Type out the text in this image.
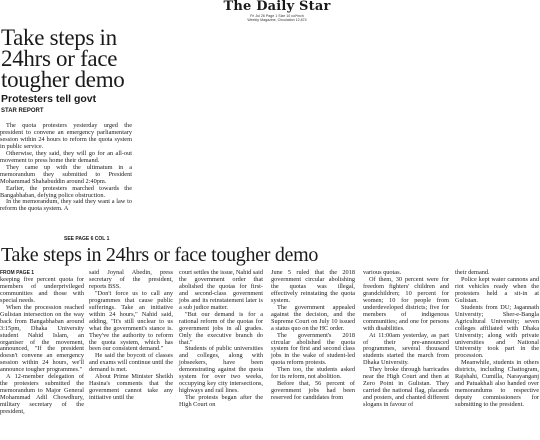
The Daily Star
Fri Jul 26 Page 1 Size 10 col*inch
Weekly Magazine, Circulation 12,874
Take steps in 24hrs or face tougher demo
Protesters tell govt
STAR REPORT

The quota protesters yesterday urged the president to convene an emergency parliamentary session within 24 hours to reform the quota system in public service.

Otherwise, they said, they will go for an all-out movement to press home their demand.

They came up with the ultimatum in a memorandum they submitted to President Mohammad Shahabuddin around 2:40pm.

Earlier, the protesters marched towards the Bangabhaban, defying police obstruction.

In the memorandum, they said they want a law to reform the quota system. A

SEE PAGE 6 COL 1
Take steps in 24hrs or face tougher demo

FROM PAGE 1

keeping five percent quota for members of underprivileged communities and those with special needs.

When the procession reached Gulistan intersection on the way back from Bangabhaban around 3:15pm, Dhaka University student Nahid Islam, an organiser of the movement, announced, "If the president doesn't convene an emergency session within 24 hours, we'll announce tougher programmes."

A 12-member delegation of the protesters submitted the memorandum to Major General Mohammad Adil Chowdhury, military secretary of the president,

said Joynal Abedin, press secretary of the president, reports BSS.

"Don't force us to call any programmes that cause public sufferings. Take an initiative within 24 hours," Nahid said, adding, "It's still unclear to us what the government's stance is. They've the authority to reform the quota system, which has been our consistent demand."

He said the boycott of classes and exams will continue until the demand is met.

About Prime Minister Sheikh Hasina's comments that the government cannot take any initiative until the

court settles the issue, Nahid said the government order that abolished the quotas for first- and second-class government jobs and its reinstatement later is a sub judice matter.

"But our demand is for a rational reform of the quotas for government jobs in all grades. Only the executive branch do that."

Students of public universities and colleges, along with jobseekers, have been demonstrating against the quota system for over two weeks, occupying key city intersections, highways and rail lines.

The protests began after the High Court on

June 5 ruled that the 2018 government circular abolishing the quotas was illegal, effectively reinstating the quota system.

The government appealed against the decision, and the Supreme Court on July 10 issued a status quo on the HC order.

The government's 2018 circular abolished the quota system for first and second class jobs in the wake of student-led quota reform protests.

Then too, the students asked for its reform, not abolition.

Before that, 56 percent of government jobs had been reserved for candidates from

various quotas.

Of them, 30 percent were for freedom fighters' children and grandchildren; 10 percent for women; 10 for people from underdeveloped districts; five for members of indigenous communities; and one for persons with disabilities.

At 11:00am yesterday, as part of their pre-announced programmes, several thousand students started the march from Dhaka University.

They broke through barricades near the High Court and then at Zero Point in Gulistan. They carried the national flag, placards and posters, and chanted different slogans in favour of

their demand.

Police kept water cannons and riot vehicles ready when the protesters held a sit-in at Gulistan.

Students from DU; Jagannath University; Sher-e-Bangla Agricultural University; seven colleges affiliated with Dhaka University; along with private universities and National University took part in the procession.

Meanwhile, students in others districts, including Chattogram, Rajshahi, Cumilla, Narayanganj and Patuakhali also handed over memorandums to respective deputy commissioners for submitting to the president.
